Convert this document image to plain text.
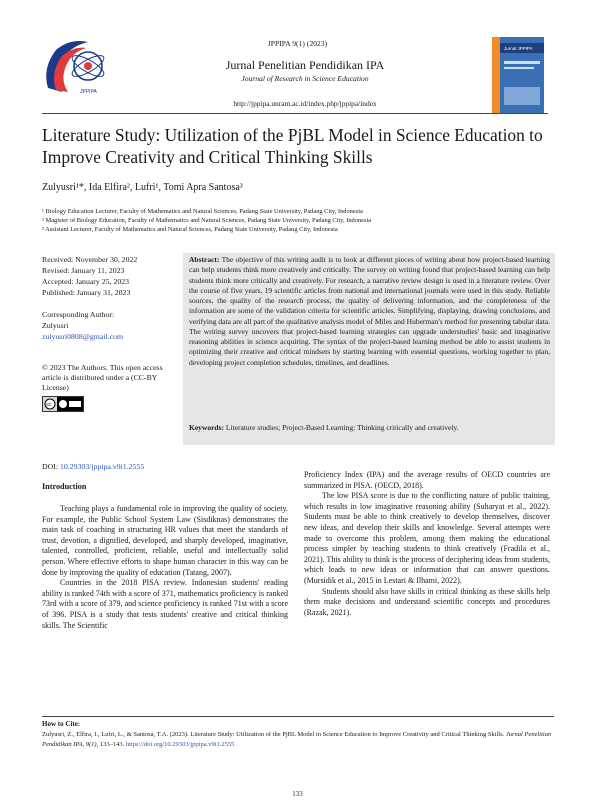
JPPIPA
JPPIPA 9(1) (2023)
Jurnal Penelitian Pendidikan IPA
Journal of Research in Science Education
http://jppipa.unram.ac.id/index.php/jppipa/index
Jurnal JPPIPA
Literature Study: Utilization of the PjBL Model in Science Education to Improve Creativity and Critical Thinking Skills
Zulyusri¹*, Ida Elfira², Lufri¹, Tomi Apra Santosa³
¹ Biology Education Lecturer, Faculty of Mathematics and Natural Sciences, Padang State University, Padang City, Indonesia
² Magister of Biology Education, Faculty of Mathematics and Natural Sciences, Padang State University, Padang City, Indonesia
³ Assistant Lecturer, Faculty of Mathematics and Natural Sciences, Padang State University, Padang City, Indonesia
Received: November 30, 2022
Revised: January 11, 2023
Accepted: January 25, 2023
Published: January 31, 2023
Corresponding Author:
Zulyusri
zulyusri0808@gmail.com
© 2023 The Authors. This open access article is distributed under a (CC-BY License)
cc
DOI: 10.29303/jppipa.v9i1.2555
Abstract: The objective of this writing audit is to look at different pieces of writing about how project-based learning can help students think more creatively and critically. The survey on writing found that project-based learning can help students think more critically and creatively. For research, a narrative review design is used in a literature review. Over the course of five years, 19 scientific articles from national and international journals were used in this study. Reliable sources, the quality of the research process, the quality of delivering information, and the completeness of the information are some of the validation criteria for scientific articles. Simplifying, displaying, drawing conclusions, and verifying data are all part of the qualitative analysis model of Miles and Huberman's method for presenting tabular data. The writing survey uncovers that project-based learning strategies can upgrade understudies' basic and imaginative reasoning abilities in science acquiring. The syntax of the project-based learning method be able to assist students in optimizing their creative and critical mindsets by starting learning with essential questions, working together to plan, developing project completion schedules, timelines, and deadlines.
Keywords: Literature studies; Project-Based Learning; Thinking critically and creatively.
Introduction

Teaching plays a fundamental role in improving the quality of society. For example, the Public School System Law (Sisdiknas) demonstrates the main task of coaching in structuring HR values that meet the standards of trust, devotion, a dignified, developed, and sharply developed, imaginative, talented, controlled, proficient, reliable, useful and intellectually solid person. Where effective efforts to shape human character in this way can be done by improving the quality of education (Tatang, 2007).

Countries in the 2018 PISA review. Indonesian students' reading ability is ranked 74th with a score of 371, mathematics proficiency is ranked 73rd with a score of 379, and science proficiency is ranked 71st with a score of 396. PISA is a study that tests students' creative and critical thinking skills. The Scientific

Proficiency Index (IPA) and the average results of OECD countries are summarized in PISA. (OECD, 2018).

The low PISA score is due to the conflicting nature of public training, which results in low imaginative reasoning ability (Suharyat et al., 2022). Students must be able to think creatively to develop themselves, discover new ideas, and develop their skills and knowledge. Several attempts were made to overcome this problem, among them making the educational process simpler by teaching students to think creatively (Fradila et al., 2021). This ability to think is the process of deciphering ideas from students, which leads to new ideas or information that can answer questions. (Mursidik et al., 2015 in Lestari & Ilhami, 2022).

Students should also have skills in critical thinking as these skills help them make decisions and understand scientific concepts and procedures (Razak, 2021).

How to Cite:
Zulyusri, Z., Elfira, I., Lufri, L., & Santosa, T.A. (2023). Literature Study: Utilization of the PjBL Model in Science Education to Improve Creativity and Critical Thinking Skills. Jurnal Penelitian Pendidikan IPA, 9(1), 133–143. https://doi.org/10.29303/jppipa.v9i1.2555
133
